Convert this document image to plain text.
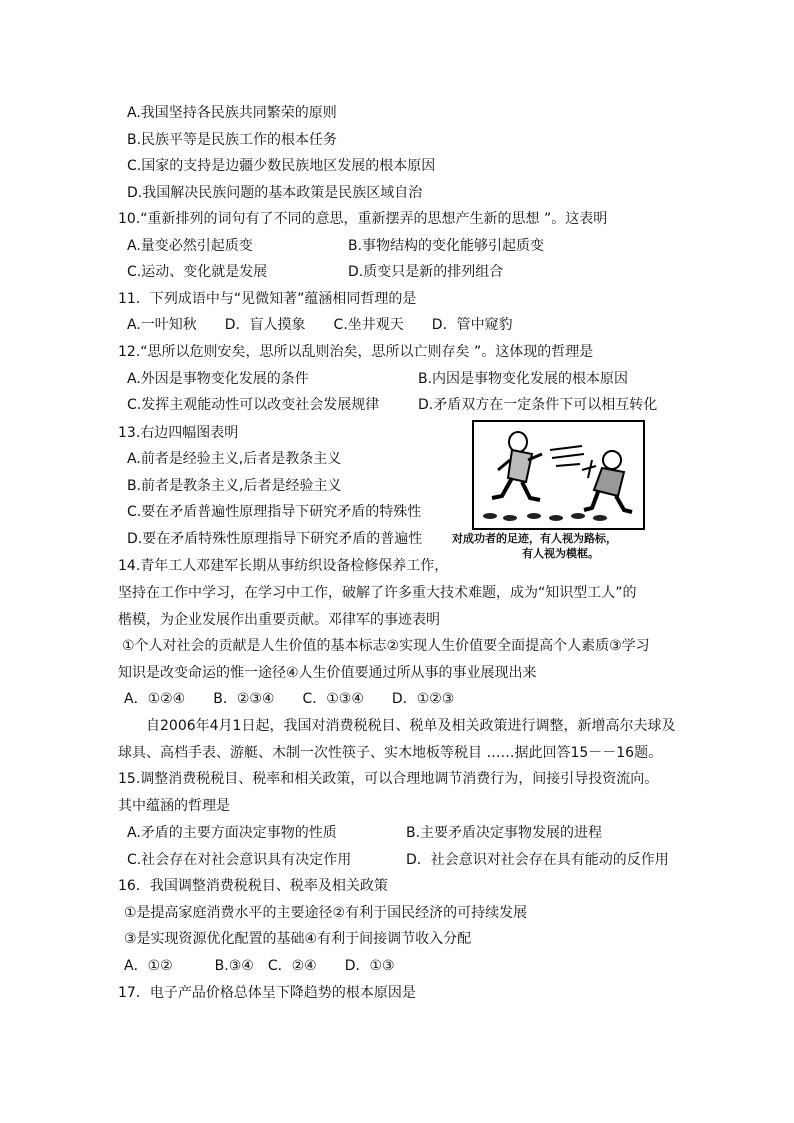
A.我国坚持各民族共同繁荣的原则
B.民族平等是民族工作的根本任务
C.国家的支持是边疆少数民族地区发展的根本原因
D.我国解决民族问题的基本政策是民族区域自治
10.“重新排列的词句有了不同的意思，重新摆弄的思想产生新的思想 ”。这表明
A.量变必然引起质变	B.事物结构的变化能够引起质变
C.运动、变化就是发展	D.质变只是新的排列组合
11．下列成语中与“见微知著”蕴涵相同哲理的是
A.一叶知秋　　D．盲人摸象　　C.坐井观天　　D．管中窥豹
12.“思所以危则安矣，思所以乱则治矣，思所以亡则存矣 ”。这体现的哲理是
A.外因是事物变化发展的条件	B.内因是事物变化发展的根本原因
C.发挥主观能动性可以改变社会发展规律	D.矛盾双方在一定条件下可以相互转化
13.右边四幅图表明
A.前者是经验主义,后者是教条主义
B.前者是教条主义,后者是经验主义
C.要在矛盾普遍性原理指导下研究矛盾的特殊性
D.要在矛盾特殊性原理指导下研究矛盾的普遍性	对成功者的足迹，有人视为路标，
有人视为模框。
14.青年工人邓建军长期从事纺织设备检修保养工作，
坚持在工作中学习，在学习中工作，破解了许多重大技术难题，成为“知识型工人”的
楷模，为企业发展作出重要贡献。邓律军的事迹表明
①个人对社会的贡献是人生价值的基本标志②实现人生价值要全面提高个人素质③学习
知识是改变命运的惟一途径④人生价值要通过所从事的事业展现出来
A．①②④　　B．②③④　　C．①③④　　D．①②③
自2006年4月1日起，我国对消费税税目、税单及相关政策进行调整，新增高尔夫球及
球具、高档手表、游艇、木制一次性筷子、实木地板等税目 ……据此回答15－－16题。
15.调整消费税税目、税率和相关政策，可以合理地调节消费行为，间接引导投资流向。
其中蕴涵的哲理是
A.矛盾的主要方面决定事物的性质	B.主要矛盾决定事物发展的进程
C.社会存在对社会意识具有决定作用	D．社会意识对社会存在具有能动的反作用
16．我国调整消费税税目、税率及相关政策
①是提高家庭消费水平的主要途径②有利于国民经济的可持续发展
③是实现资源优化配置的基础④有利于间接调节收入分配
A．①②　　　B.③④　C．②④　　D．①③
17．电子产品价格总体呈下降趋势的根本原因是
